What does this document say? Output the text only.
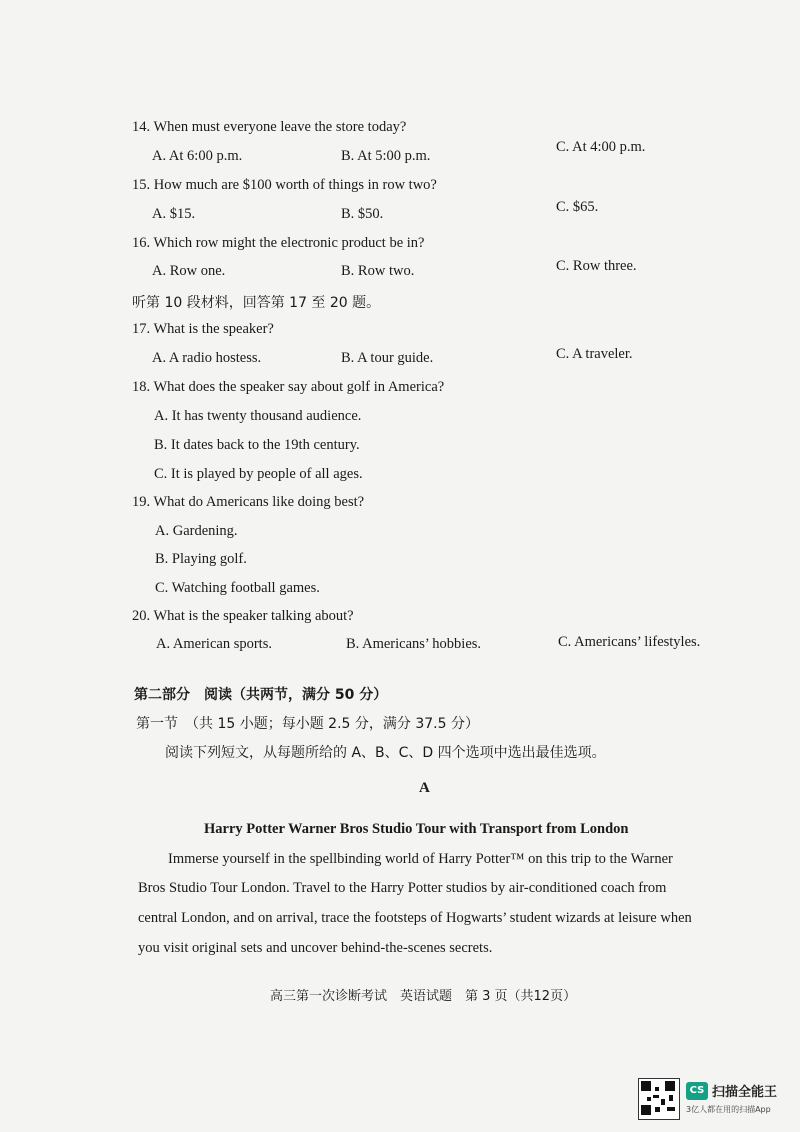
14. When must everyone leave the store today?
A. At 6:00 p.m.	B. At 5:00 p.m.
C. At 4:00 p.m.
15. How much are $100 worth of things in row two?
A. $15.	B. $50.	C. $65.
16. Which row might the electronic product be in?
A. Row one.	B. Row two.	C. Row three.
听第 10 段材料，回答第 17 至 20 题。
17. What is the speaker?
A. A radio hostess.	B. A tour guide.	C. A traveler.
18. What does the speaker say about golf in America?
A. It has twenty thousand audience.
B. It dates back to the 19th century.
C. It is played by people of all ages.
19. What do Americans like doing best?
A. Gardening.
B. Playing golf.
C. Watching football games.
20. What is the speaker talking about?
A. American sports.	B. Americans’ hobbies.	C. Americans’ lifestyles.
第二部分　阅读（共两节，满分 50 分）
第一节　（共 15 小题；每小题 2.5 分，满分 37.5 分）
阅读下列短文，从每题所给的 A、B、C、D 四个选项中选出最佳选项。
A
Harry Potter Warner Bros Studio Tour with Transport from London
Immerse yourself in the spellbinding world of Harry Potter™ on this trip to the Warner
Bros Studio Tour London. Travel to the Harry Potter studios by air-conditioned coach from
central London, and on arrival, trace the footsteps of Hogwarts’ student wizards at leisure when
you visit original sets and uncover behind-the-scenes secrets.
高三第一次诊断考试　英语试题　第 3 页（共12页）
CS 扫描全能王
3亿人都在用的扫描App
